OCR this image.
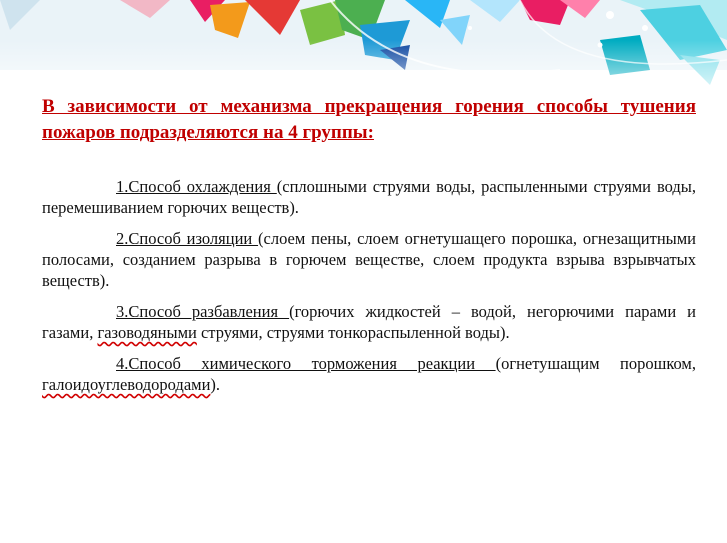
В зависимости от механизма прекращения горения способы тушения пожаров подразделяются на 4 группы:

1.Способ охлаждения (сплошными струями воды, распыленными струями воды, перемешиванием горючих веществ).

2.Способ изоляции (слоем пены, слоем огнетушащего порошка, огнезащитными полосами, созданием разрыва в горючем веществе, слоем продукта взрыва взрывчатых веществ).

3.Способ разбавления (горючих жидкостей – водой, негорючими парами и газами, газоводяными струями, струями тонкораспыленной воды).

4.Способ химического торможения реакции (огнетушащим порошком, галоидоуглеводородами).
